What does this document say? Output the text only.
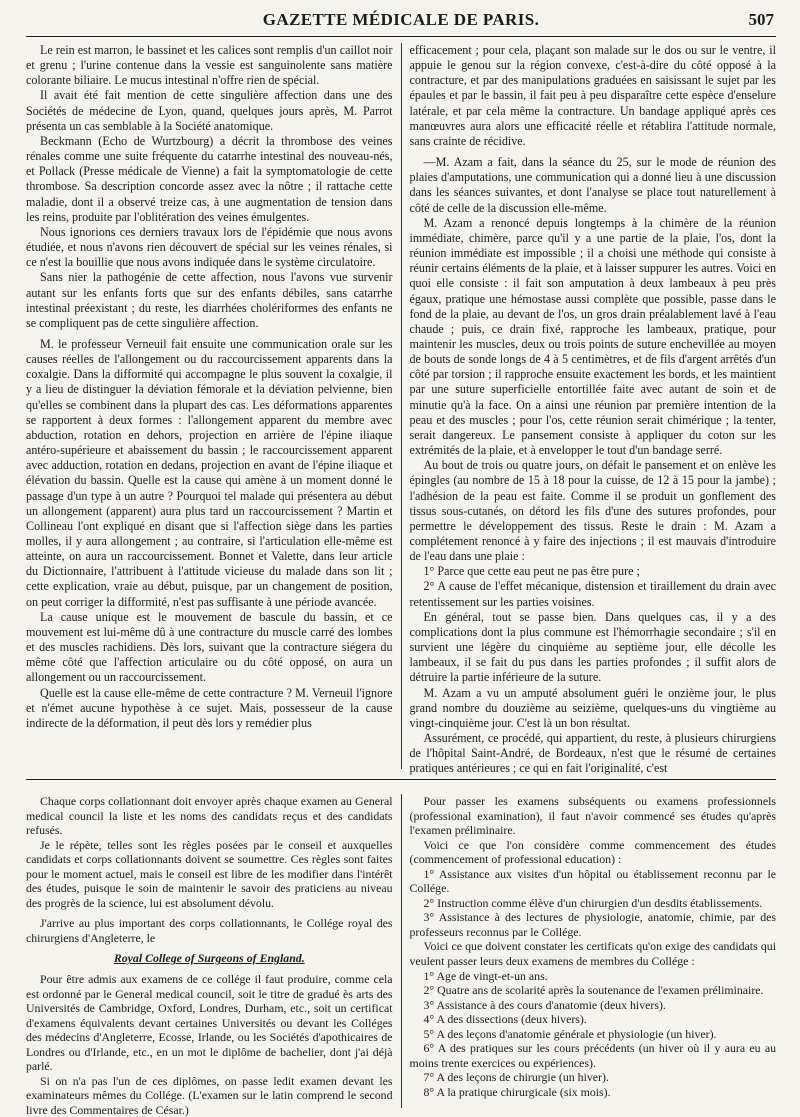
GAZETTE MÉDICALE DE PARIS.	507

Le rein est marron, le bassinet et les calices sont remplis d'un caillot noir et grenu ; l'urine contenue dans la vessie est sanguinolente sans matière colorante biliaire. Le mucus intestinal n'offre rien de spécial.

Il avait été fait mention de cette singulière affection dans une des Sociétés de médecine de Lyon, quand, quelques jours après, M. Parrot présenta un cas semblable à la Société anatomique.

Beckmann (Echo de Wurtzbourg) a décrit la thrombose des veines rénales comme une suite fréquente du catarrhe intestinal des nouveau-nés, et Pollack (Presse médicale de Vienne) a fait la symptomatologie de cette thrombose. Sa description concorde assez avec la nôtre ; il rattache cette maladie, dont il a observé treize cas, à une augmentation de tension dans les reins, produite par l'oblitération des veines émulgentes.

Nous ignorions ces derniers travaux lors de l'épidémie que nous avons étudiée, et nous n'avons rien découvert de spécial sur les veines rénales, si ce n'est la bouillie que nous avons indiquée dans le système circulatoire.

Sans nier la pathogénie de cette affection, nous l'avons vue survenir autant sur les enfants forts que sur des enfants débiles, sans catarrhe intestinal préexistant ; du reste, les diarrhées cholériformes des enfants ne se compliquent pas de cette singulière affection.

M. le professeur Verneuil fait ensuite une communication orale sur les causes réelles de l'allongement ou du raccourcissement apparents dans la coxalgie. Dans la difformité qui accompagne le plus souvent la coxalgie, il y a lieu de distinguer la déviation fémorale et la déviation pelvienne, bien qu'elles se combinent dans la plupart des cas. Les déformations apparentes se rapportent à deux formes : l'allongement apparent du membre avec abduction, rotation en dehors, projection en arrière de l'épine iliaque antéro-supérieure et abaissement du bassin ; le raccourcissement apparent avec adduction, rotation en dedans, projection en avant de l'épine iliaque et élévation du bassin. Quelle est la cause qui amène à un moment donné le passage d'un type à un autre ? Pourquoi tel malade qui présentera au début un allongement (apparent) aura plus tard un raccourcissement ? Martin et Collineau l'ont expliqué en disant que si l'affection siège dans les parties molles, il y aura allongement ; au contraire, si l'articulation elle-même est atteinte, on aura un raccourcissement. Bonnet et Valette, dans leur article du Dictionnaire, l'attribuent à l'attitude vicieuse du malade dans son lit ; cette explication, vraie au début, puisque, par un changement de position, on peut corriger la difformité, n'est pas suffisante à une période avancée.

La cause unique est le mouvement de bascule du bassin, et ce mouvement est lui-même dû à une contracture du muscle carré des lombes et des muscles rachidiens. Dès lors, suivant que la contracture siégera du même côté que l'affection articulaire ou du côté opposé, on aura un allongement ou un raccourcissement.

Quelle est la cause elle-même de cette contracture ? M. Verneuil l'ignore et n'émet aucune hypothèse à ce sujet. Mais, possesseur de la cause indirecte de la déformation, il peut dès lors y remédier plus

efficacement ; pour cela, plaçant son malade sur le dos ou sur le ventre, il appuie le genou sur la région convexe, c'est-à-dire du côté opposé à la contracture, et par des manipulations graduées en saisissant le sujet par les épaules et par le bassin, il fait peu à peu disparaître cette espèce d'enselure latérale, et par cela même la contracture. Un bandage appliqué après ces manœuvres aura alors une efficacité réelle et rétablira l'attitude normale, sans crainte de récidive.

—M. Azam a fait, dans la séance du 25, sur le mode de réunion des plaies d'amputations, une communication qui a donné lieu à une discussion dans les séances suivantes, et dont l'analyse se place tout naturellement à côté de celle de la discussion elle-même.

M. Azam a renoncé depuis longtemps à la chimère de la réunion immédiate, chimère, parce qu'il y a une partie de la plaie, l'os, dont la réunion immédiate est impossible ; il a choisi une méthode qui consiste à réunir certains éléments de la plaie, et à laisser suppurer les autres. Voici en quoi elle consiste : il fait son amputation à deux lambeaux à peu près égaux, pratique une hémostase aussi complète que possible, passe dans le fond de la plaie, au devant de l'os, un gros drain préalablement lavé à l'eau chaude ; puis, ce drain fixé, rapproche les lambeaux, pratique, pour maintenir les muscles, deux ou trois points de suture enchevillée au moyen de bouts de sonde longs de 4 à 5 centimètres, et de fils d'argent arrêtés d'un côté par torsion ; il rapproche ensuite exactement les bords, et les maintient par une suture superficielle entortillée faite avec autant de soin et de minutie qu'à la face. On a ainsi une réunion par première intention de la peau et des muscles ; pour l'os, cette réunion serait chimérique ; la tenter, serait dangereux. Le pansement consiste à appliquer du coton sur les extrémités de la plaie, et à envelopper le tout d'un bandage serré.

Au bout de trois ou quatre jours, on défait le pansement et on enlève les épingles (au nombre de 15 à 18 pour la cuisse, de 12 à 15 pour la jambe) ; l'adhésion de la peau est faite. Comme il se produit un gonflement des tissus sous-cutanés, on détord les fils d'une des sutures profondes, pour permettre le développement des tissus. Reste le drain : M. Azam a complétement renoncé à y faire des injections ; il est mauvais d'introduire de l'eau dans une plaie :

1° Parce que cette eau peut ne pas être pure ;

2° A cause de l'effet mécanique, distension et tiraillement du drain avec retentissement sur les parties voisines.

En général, tout se passe bien. Dans quelques cas, il y a des complications dont la plus commune est l'hémorrhagie secondaire ; s'il en survient une légère du cinquième au septième jour, elle décolle les lambeaux, il se fait du pus dans les parties profondes ; il suffit alors de détruire la partie inférieure de la suture.

M. Azam a vu un amputé absolument guéri le onzième jour, le plus grand nombre du douzième au seizième, quelques-uns du vingtième au vingt-cinquième jour. C'est là un bon résultat.

Assurément, ce procédé, qui appartient, du reste, à plusieurs chirurgiens de l'hôpital Saint-André, de Bordeaux, n'est que le résumé de certaines pratiques antérieures ; ce qui en fait l'originalité, c'est

Chaque corps collationnant doit envoyer après chaque examen au General medical council la liste et les noms des candidats reçus et des candidats refusés.

Je le répète, telles sont les règles posées par le conseil et auxquelles candidats et corps collationnants doivent se soumettre. Ces règles sont faites pour le moment actuel, mais le conseil est libre de les modifier dans l'intérêt des études, puisque le soin de maintenir le savoir des praticiens au niveau des progrès de la science, lui est absolument dévolu.

J'arrive au plus important des corps collationnants, le Collége royal des chirurgiens d'Angleterre, le

Royal College of Surgeons of England.

Pour être admis aux examens de ce collége il faut produire, comme cela est ordonné par le General medical council, soit le titre de gradué ès arts des Universités de Cambridge, Oxford, Londres, Durham, etc., soit un certificat d'examens équivalents devant certaines Universités ou devant les Colléges des médecins d'Angleterre, Ecosse, Irlande, ou les Sociétés d'apothicaires de Londres ou d'Irlande, etc., en un mot le diplôme de bachelier, dont j'ai déjà parlé.

Si on n'a pas l'un de ces diplômes, on passe ledit examen devant les examinateurs mêmes du Collége. (L'examen sur le latin comprend le second livre des Commentaires de César.)

Pour passer les examens subséquents ou examens professionnels (professional examination), il faut n'avoir commencé ses études qu'après l'examen préliminaire.

Voici ce que l'on considère comme commencement des études (commencement of professional education) :

1° Assistance aux visites d'un hôpital ou établissement reconnu par le Collége.

2° Instruction comme élève d'un chirurgien d'un desdits établissements.

3° Assistance à des lectures de physiologie, anatomie, chimie, par des professeurs reconnus par le Collége.

Voici ce que doivent constater les certificats qu'on exige des candidats qui veulent passer leurs deux examens de membres du Collége :

1° Age de vingt-et-un ans.

2° Quatre ans de scolarité après la soutenance de l'examen préliminaire.

3° Assistance à des cours d'anatomie (deux hivers).

4° A des dissections (deux hivers).

5° A des leçons d'anatomie générale et physiologie (un hiver).

6° A des pratiques sur les cours précédents (un hiver où il y aura eu au moins trente exercices ou expériences).

7° A des leçons de chirurgie (un hiver).

8° A la pratique chirurgicale (six mois).
